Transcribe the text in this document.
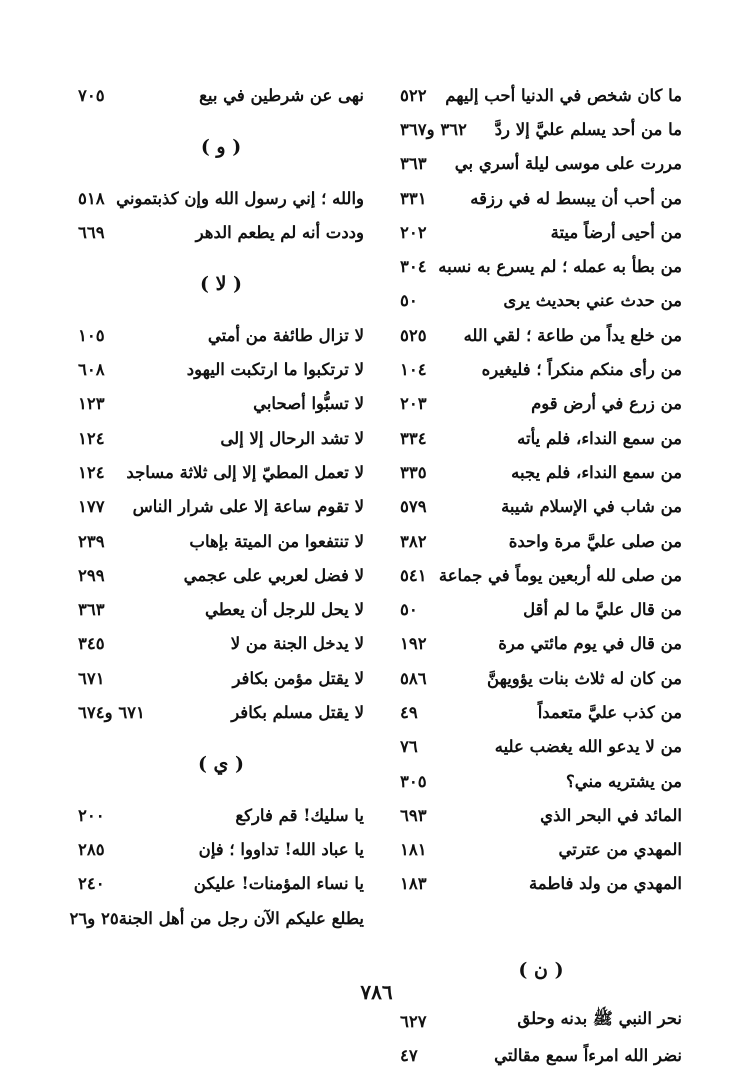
ما كان شخص في الدنيا أحب إليهم
٥٢٢
ما من أحد يسلم عليَّ إلا ردَّ
٣٦٢ و٣٦٧
مررت على موسى ليلة أسري بي
٣٦٣
من أحب أن يبسط له في رزقه
٣٣١
من أحيى أرضاً ميتة
٢٠٢
من بطأ به عمله ؛ لم يسرع به نسبه
٣٠٤
من حدث عني بحديث يرى
٥٠
من خلع يداً من طاعة ؛ لقي الله
٥٢٥
من رأى منكم منكراً ؛ فليغيره
١٠٤
من زرع في أرض قوم
٢٠٣
من سمع النداء، فلم يأته
٣٣٤
من سمع النداء، فلم يجبه
٣٣٥
من شاب في الإسلام شيبة
٥٧٩
من صلى عليَّ مرة واحدة
٣٨٢
من صلى لله أربعين يوماً في جماعة
٥٤١
من قال عليَّ ما لم أقل
٥٠
من قال في يوم مائتي مرة
١٩٢
من كان له ثلاث بنات يؤويهنَّ
٥٨٦
من كذب عليَّ متعمداً
٤٩
من لا يدعو الله يغضب عليه
٧٦
من يشتريه مني؟
٣٠٥
المائد في البحر الذي
٦٩٣
المهدي من عترتي
١٨١
المهدي من ولد فاطمة
١٨٣
( ن )
نحر النبي ﷺ بدنه وحلق
٦٢٧
نضر الله امرءاً سمع مقالتي
٤٧
نهى عن شرطين في بيع
٧٠٥
( و )
والله ؛ إني رسول الله وإن كذبتموني
٥١٨
وددت أنه لم يطعم الدهر
٦٦٩
( لا )
لا تزال طائفة من أمتي
١٠٥
لا ترتكبوا ما ارتكبت اليهود
٦٠٨
لا تسبُّوا أصحابي
١٢٣
لا تشد الرحال إلا إلى
١٢٤
لا تعمل المطيّ إلا إلى ثلاثة مساجد
١٢٤
لا تقوم ساعة إلا على شرار الناس
١٧٧
لا تنتفعوا من الميتة بإهاب
٢٣٩
لا فضل لعربي على عجمي
٢٩٩
لا يحل للرجل أن يعطي
٣٦٣
لا يدخل الجنة من لا
٣٤٥
لا يقتل مؤمن بكافر
٦٧١
لا يقتل مسلم بكافر
٦٧١ و٦٧٤
( ي )
يا سليك! قم فاركع
٢٠٠
يا عباد الله! تداووا ؛ فإن
٢٨٥
يا نساء المؤمنات! عليكن
٢٤٠
يطلع عليكم الآن رجل من أهل الجنة
٢٥ و٢٦
٧٨٦
